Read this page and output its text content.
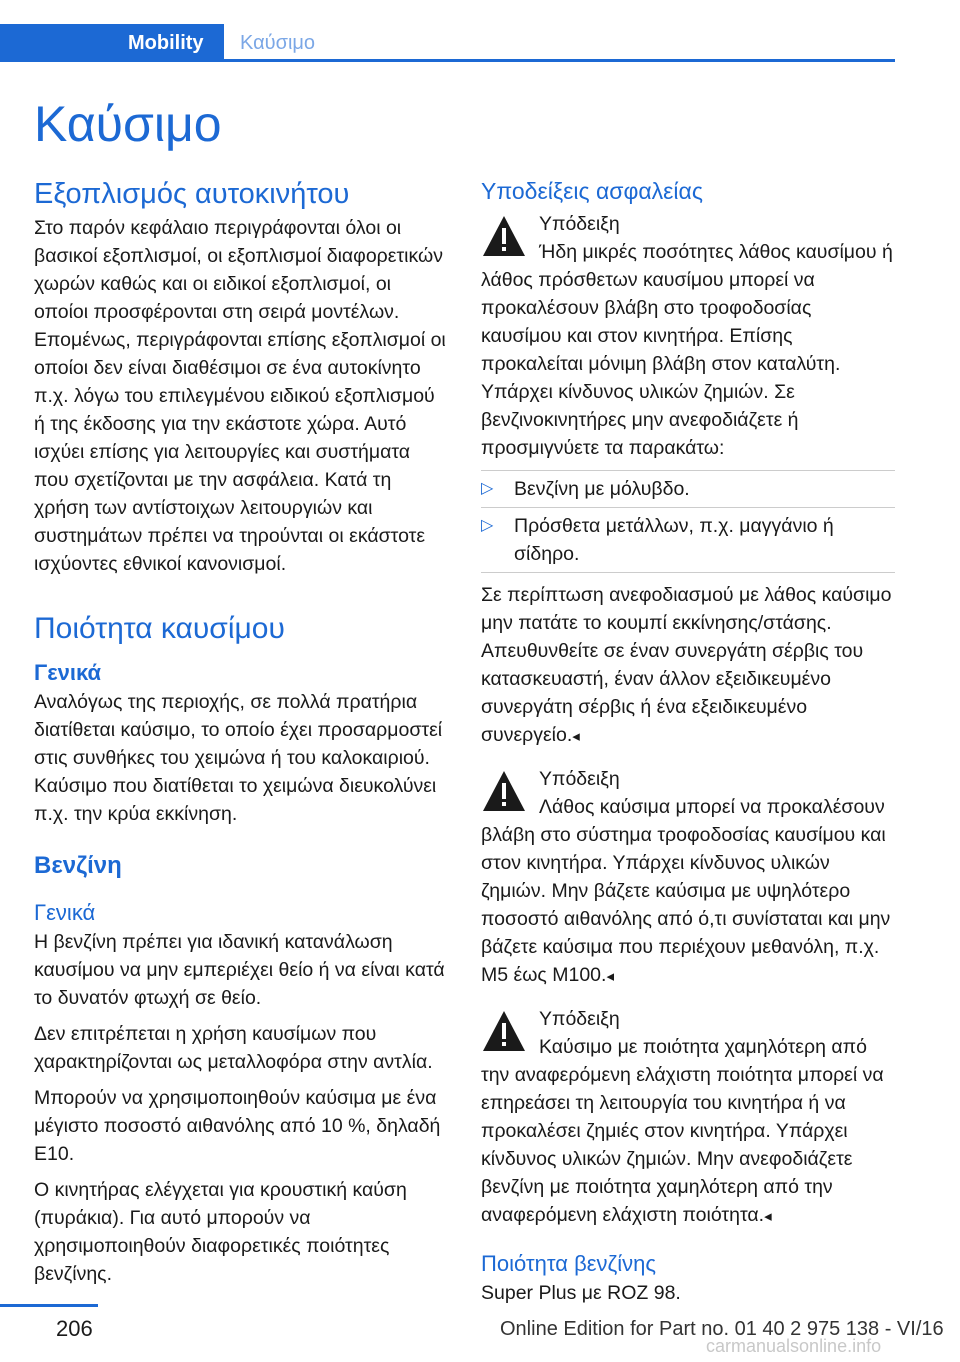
Mobility	Καύσιμο
Καύσιμο
Εξοπλισμός αυτοκινήτου

Στο παρόν κεφάλαιο περιγράφονται όλοι οι βασικοί εξοπλισμοί, οι εξοπλισμοί διαφορετικών χωρών καθώς και οι ειδικοί εξοπλισμοί, οι οποίοι προσφέρονται στη σειρά μοντέλων. Επομένως, περιγράφονται επίσης εξοπλισμοί οι οποίοι δεν είναι διαθέσιμοι σε ένα αυτοκίνητο π.χ. λόγω του επιλεγμένου ειδικού εξοπλισμού ή της έκδοσης για την εκάστοτε χώρα. Αυτό ισχύει επίσης για λειτουργίες και συστήματα που σχετίζονται με την ασφάλεια. Κατά τη χρήση των αντίστοιχων λειτουργιών και συστημάτων πρέπει να τηρούνται οι εκάστοτε ισχύοντες εθνικοί κανονισμοί.

Ποιότητα καυσίμου
Γενικά

Αναλόγως της περιοχής, σε πολλά πρατήρια διατίθεται καύσιμο, το οποίο έχει προσαρμοστεί στις συνθήκες του χειμώνα ή του καλοκαιριού. Καύσιμο που διατίθεται το χειμώνα διευκολύνει π.χ. την κρύα εκκίνηση.

Βενζίνη
Γενικά

Η βενζίνη πρέπει για ιδανική κατανάλωση καυσίμου να μην εμπεριέχει θείο ή να είναι κατά το δυνατόν φτωχή σε θείο.

Δεν επιτρέπεται η χρήση καυσίμων που χαρακτηρίζονται ως μεταλλοφόρα στην αντλία.

Μπορούν να χρησιμοποιηθούν καύσιμα με ένα μέγιστο ποσοστό αιθανόλης από 10 %, δηλαδή E10.

Ο κινητήρας ελέγχεται για κρουστική καύση (πυράκια). Για αυτό μπορούν να χρησιμοποιηθούν διαφορετικές ποιότητες βενζίνης.

Υποδείξεις ασφαλείας
Υπόδειξη
Ήδη μικρές ποσότητες λάθος καυσίμου ή λάθος πρόσθετων καυσίμου μπορεί να προκαλέσουν βλάβη στο τροφοδοσίας καυσίμου και στον κινητήρα. Επίσης προκαλείται μόνιμη βλάβη στον καταλύτη. Υπάρχει κίνδυνος υλικών ζημιών. Σε βενζινοκινητήρες μην ανεφοδιάζετε ή προσμιγνύετε τα παρακάτω:
▷ Βενζίνη με μόλυβδο.
▷ Πρόσθετα μετάλλων, π.χ. μαγγάνιο ή σίδηρο.

Σε περίπτωση ανεφοδιασμού με λάθος καύσιμο μην πατάτε το κουμπί εκκίνησης/στάσης. Απευθυνθείτε σε έναν συνεργάτη σέρβις του κατασκευαστή, έναν άλλον εξειδικευμένο συνεργάτη σέρβις ή ένα εξειδικευμένο συνεργείο.◂

Υπόδειξη
Λάθος καύσιμα μπορεί να προκαλέσουν βλάβη στο σύστημα τροφοδοσίας καυσίμου και στον κινητήρα. Υπάρχει κίνδυνος υλικών ζημιών. Μην βάζετε καύσιμα με υψηλότερο ποσοστό αιθανόλης από ό,τι συνίσταται και μην βάζετε καύσιμα που περιέχουν μεθανόλη, π.χ. M5 έως M100.◂
Υπόδειξη
Καύσιμο με ποιότητα χαμηλότερη από την αναφερόμενη ελάχιστη ποιότητα μπορεί να επηρεάσει τη λειτουργία του κινητήρα ή να προκαλέσει ζημιές στον κινητήρα. Υπάρχει κίνδυνος υλικών ζημιών. Μην ανεφοδιάζετε βενζίνη με ποιότητα χαμηλότερη από την αναφερόμενη ελάχιστη ποιότητα.◂
Ποιότητα βενζίνης

Super Plus με ROZ 98.

206	Online Edition for Part no. 01 40 2 975 138 - VI/16
carmanualsonline.info
